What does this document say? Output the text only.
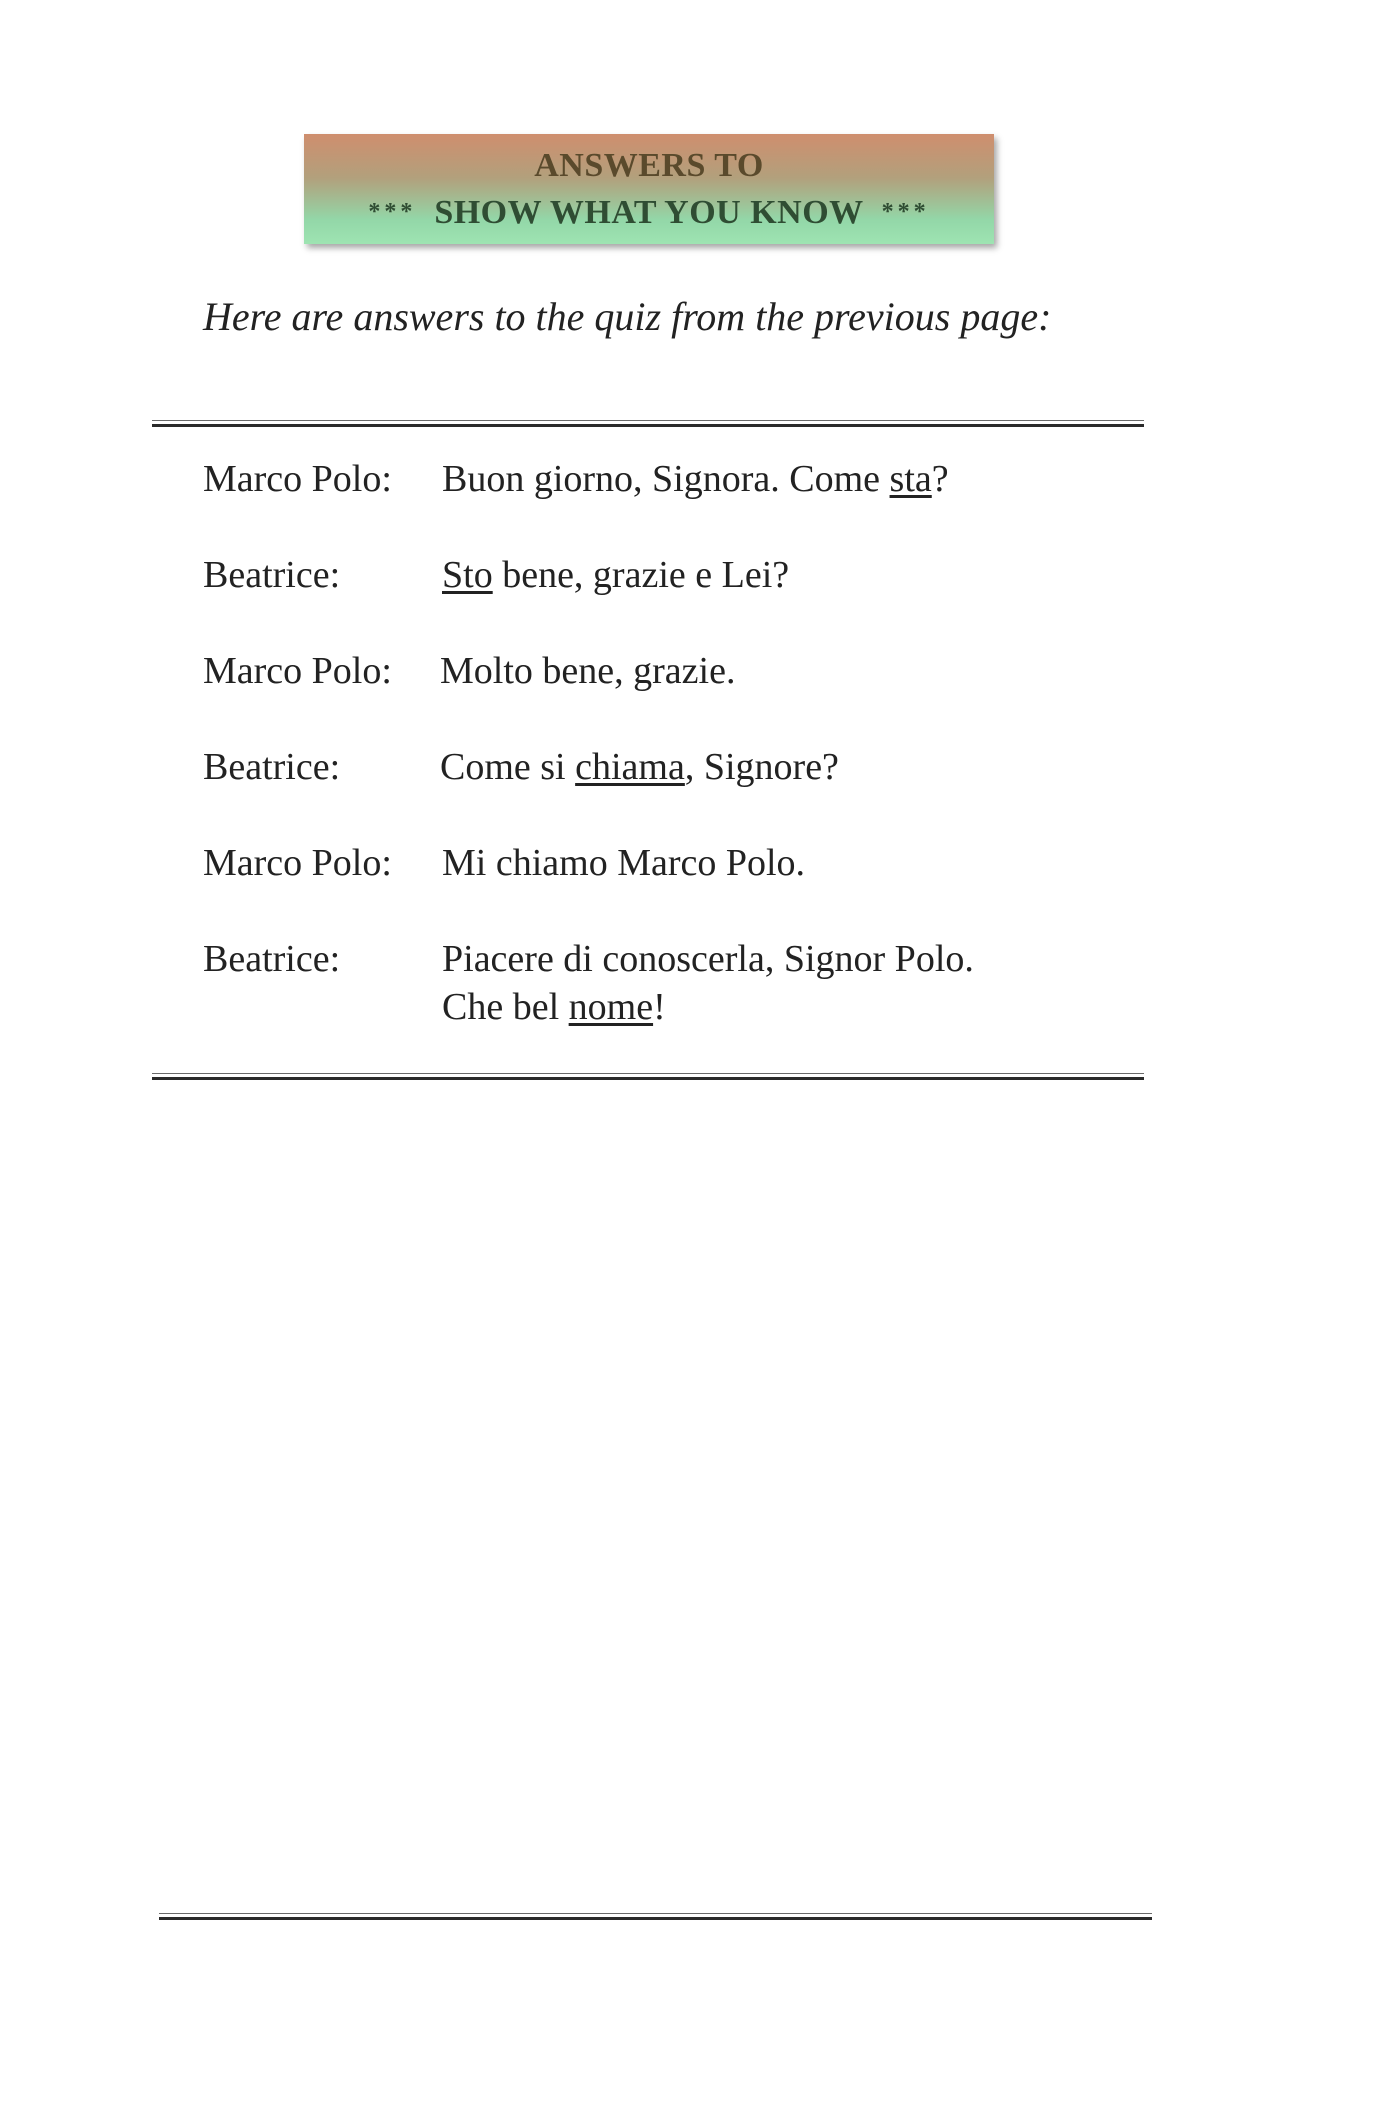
ANSWERS TO
*** SHOW WHAT YOU KNOW ***
Here are answers to the quiz from the previous page:
Marco Polo: Buon giorno, Signora. Come sta?
Beatrice:	Sto bene, grazie e Lei?
Marco Polo: Molto bene, grazie.
Beatrice:	Come si chiama, Signore?
Marco Polo: Mi chiamo Marco Polo.
Beatrice:	Piacere di conoscerla, Signor Polo.
Che bel nome!
